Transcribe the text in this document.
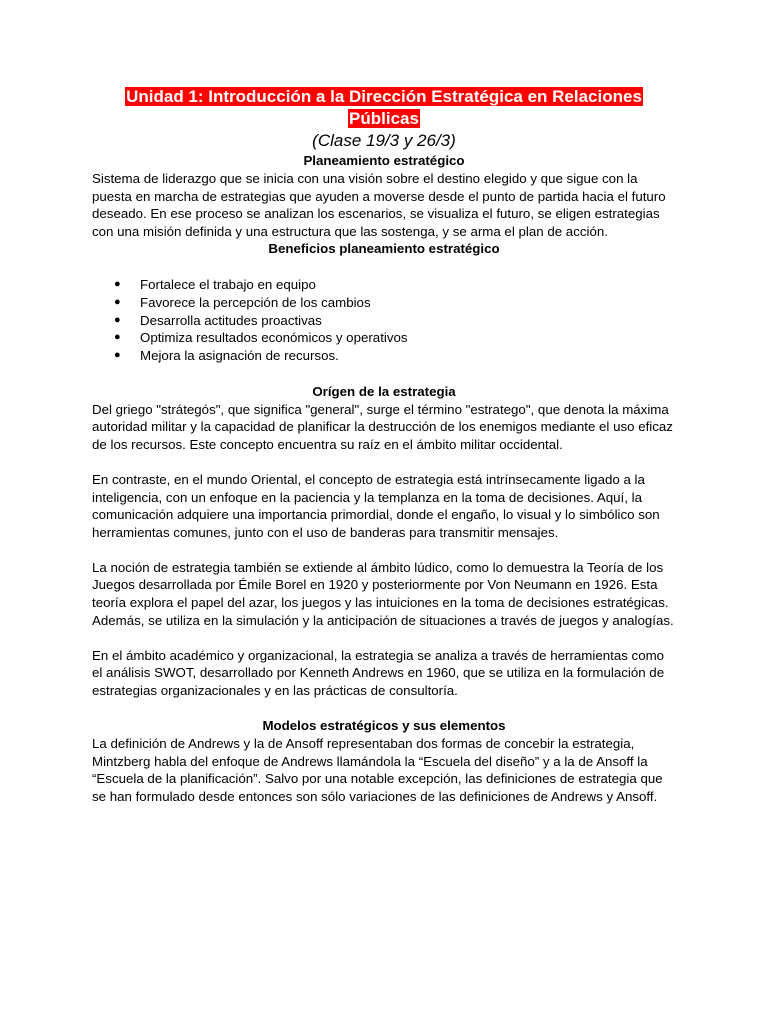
Unidad 1: Introducción a la Dirección Estratégica en Relaciones
Públicas

(Clase 19/3 y 26/3)

Planeamiento estratégico

Sistema de liderazgo que se inicia con una visión sobre el destino elegido y que sigue con la puesta en marcha de estrategias que ayuden a moverse desde el punto de partida hacia el futuro deseado. En ese proceso se analizan los escenarios, se visualiza el futuro, se eligen estrategias con una misión definida y una estructura que las sostenga, y se arma el plan de acción.

Beneficios planeamiento estratégico

● Fortalece el trabajo en equipo
● Favorece la percepción de los cambios
● Desarrolla actitudes proactivas
● Optimiza resultados económicos y operativos
● Mejora la asignación de recursos.

Orígen de la estrategia

Del griego "strátegós", que significa "general", surge el término "estratego", que denota la máxima autoridad militar y la capacidad de planificar la destrucción de los enemigos mediante el uso eficaz de los recursos. Este concepto encuentra su raíz en el ámbito militar occidental.

En contraste, en el mundo Oriental, el concepto de estrategia está intrínsecamente ligado a la inteligencia, con un enfoque en la paciencia y la templanza en la toma de decisiones. Aquí, la comunicación adquiere una importancia primordial, donde el engaño, lo visual y lo simbólico son herramientas comunes, junto con el uso de banderas para transmitir mensajes.

La noción de estrategia también se extiende al ámbito lúdico, como lo demuestra la Teoría de los Juegos desarrollada por Émile Borel en 1920 y posteriormente por Von Neumann en 1926. Esta teoría explora el papel del azar, los juegos y las intuiciones en la toma de decisiones estratégicas. Además, se utiliza en la simulación y la anticipación de situaciones a través de juegos y analogías.

En el ámbito académico y organizacional, la estrategia se analiza a través de herramientas como el análisis SWOT, desarrollado por Kenneth Andrews en 1960, que se utiliza en la formulación de estrategias organizacionales y en las prácticas de consultoría.

Modelos estratégicos y sus elementos

La definición de Andrews y la de Ansoff representaban dos formas de concebir la estrategia, Mintzberg habla del enfoque de Andrews llamándola la “Escuela del diseño” y a la de Ansoff la “Escuela de la planificación”. Salvo por una notable excepción, las definiciones de estrategia que se han formulado desde entonces son sólo variaciones de las definiciones de Andrews y Ansoff.
